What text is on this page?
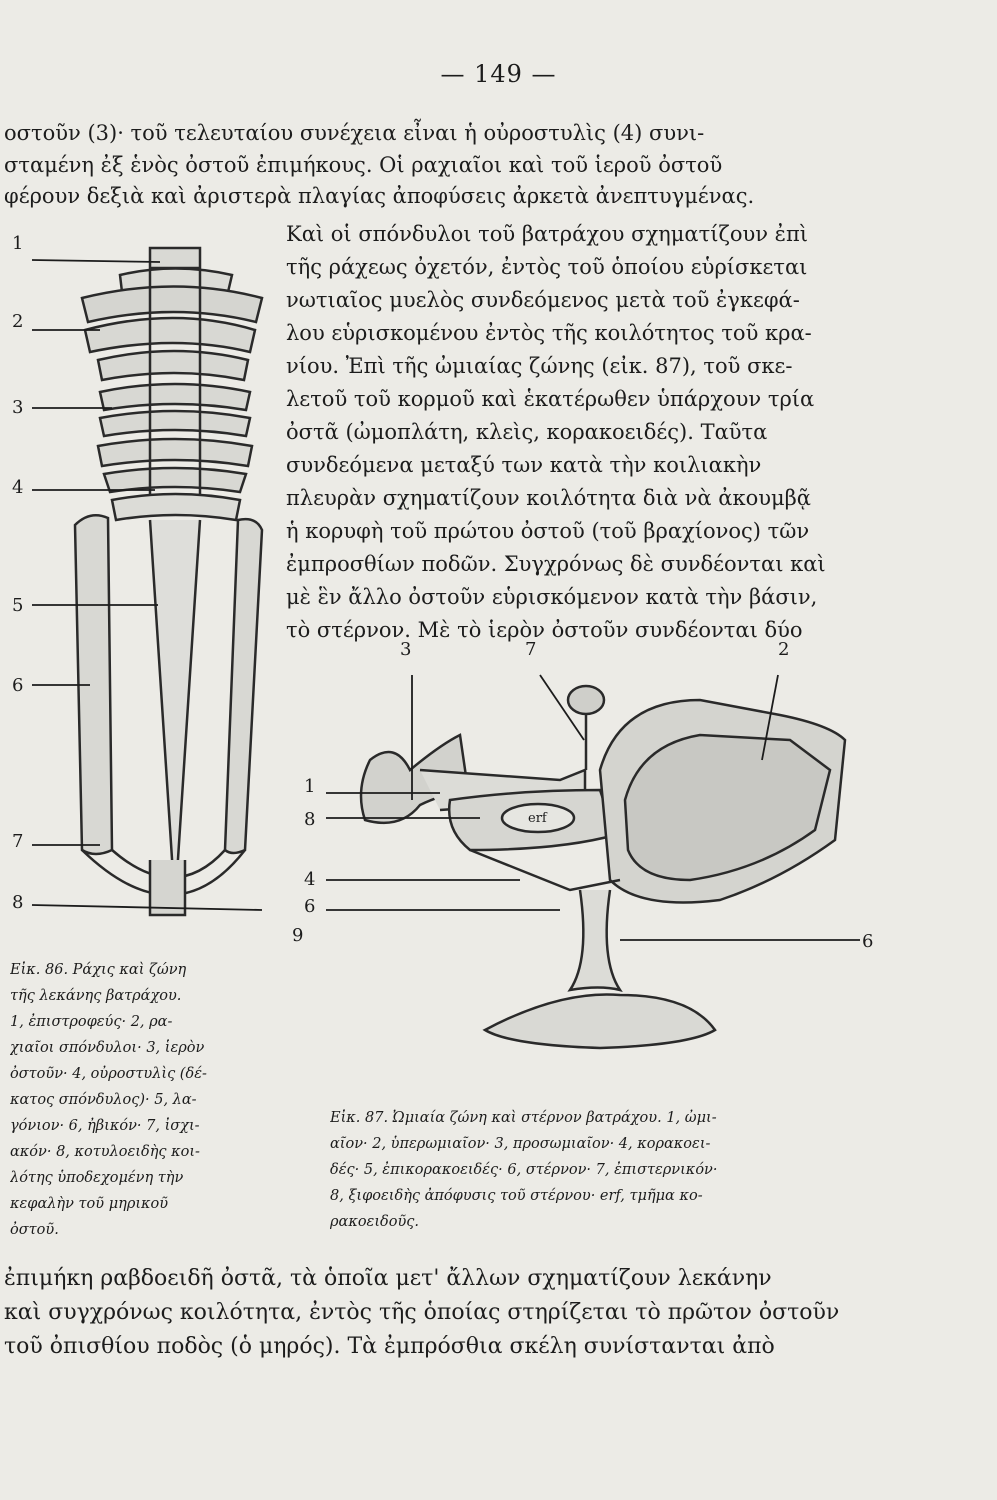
— 149 —
οστοῦν (3)· τοῦ τελευταίου συνέχεια εἶναι ἡ οὐροστυλὶς (4) συνι-
σταμένη ἐξ ἑνὸς ὀστοῦ ἐπιμήκους. Οἱ ραχιαῖοι καὶ τοῦ ἱεροῦ ὀστοῦ
φέρουν δεξιὰ καὶ ἀριστερὰ πλαγίας ἀποφύσεις ἀρκετὰ ἀνεπτυγμένας.
Καὶ οἱ σπόνδυλοι τοῦ βατράχου σχηματίζουν ἐπὶ
τῆς ράχεως ὀχετόν, ἐντὸς τοῦ ὁποίου εὑρίσκεται
νωτιαῖος μυελὸς συνδεόμενος μετὰ τοῦ ἐγκεφά-
λου εὑρισκομένου ἐντὸς τῆς κοιλότητος τοῦ κρα-
νίου. Ἐπὶ τῆς ὠμιαίας ζώνης (εἰκ. 87), τοῦ σκε-
λετοῦ τοῦ κορμοῦ καὶ ἑκατέρωθεν ὑπάρχουν τρία
ὀστᾶ (ὠμοπλάτη, κλεὶς, κορακοειδές). Ταῦτα
συνδεόμενα μεταξύ των κατὰ τὴν κοιλιακὴν
πλευρὰν σχηματίζουν κοιλότητα διὰ νὰ ἀκουμβᾷ
ἡ κορυφὴ τοῦ πρώτου ὀστοῦ (τοῦ βραχίονος) τῶν
ἐμπροσθίων ποδῶν. Συγχρόνως δὲ συνδέονται καὶ
μὲ ἓν ἄλλο ὀστοῦν εὑρισκόμενον κατὰ τὴν βάσιν,
τὸ στέρνον. Μὲ τὸ ἱερὸν ὀστοῦν συνδέονται δύο
1
2
3
4
5
6
7
8
3	7	2
1
8
4
6
9	6
erf
Εἰκ. 86. Ράχις καὶ ζώνη
τῆς λεκάνης βατράχου.
1, ἐπιστροφεύς· 2, ρα-
χιαῖοι σπόνδυλοι· 3, ἱερὸν
ὀστοῦν· 4, οὐροστυλὶς (δέ-
κατος σπόνδυλος)· 5, λα-
γόνιον· 6, ἠβικόν· 7, ἰσχι-
ακόν· 8, κοτυλοειδὴς κοι-
λότης ὑποδεχομένη τὴν
κεφαλὴν τοῦ μηρικοῦ
ὀστοῦ.
Εἰκ. 87. Ὠμιαία ζώνη καὶ στέρνον βατράχου. 1, ὠμι-
αῖον· 2, ὑπερωμιαῖον· 3, προσωμιαῖον· 4, κορακοει-
δές· 5, ἐπικορακοειδές· 6, στέρνον· 7, ἐπιστερνικόν·
8, ξιφοειδὴς ἀπόφυσις τοῦ στέρνου· erf, τμῆμα κο-
ρακοειδοῦς.
ἐπιμήκη ραβδοειδῆ ὀστᾶ, τὰ ὁποῖα μετ' ἄλλων σχηματίζουν λεκάνην
καὶ συγχρόνως κοιλότητα, ἐντὸς τῆς ὁποίας στηρίζεται τὸ πρῶτον ὀστοῦν
τοῦ ὀπισθίου ποδὸς (ὁ μηρός). Τὰ ἐμπρόσθια σκέλη συνίστανται ἀπὸ
